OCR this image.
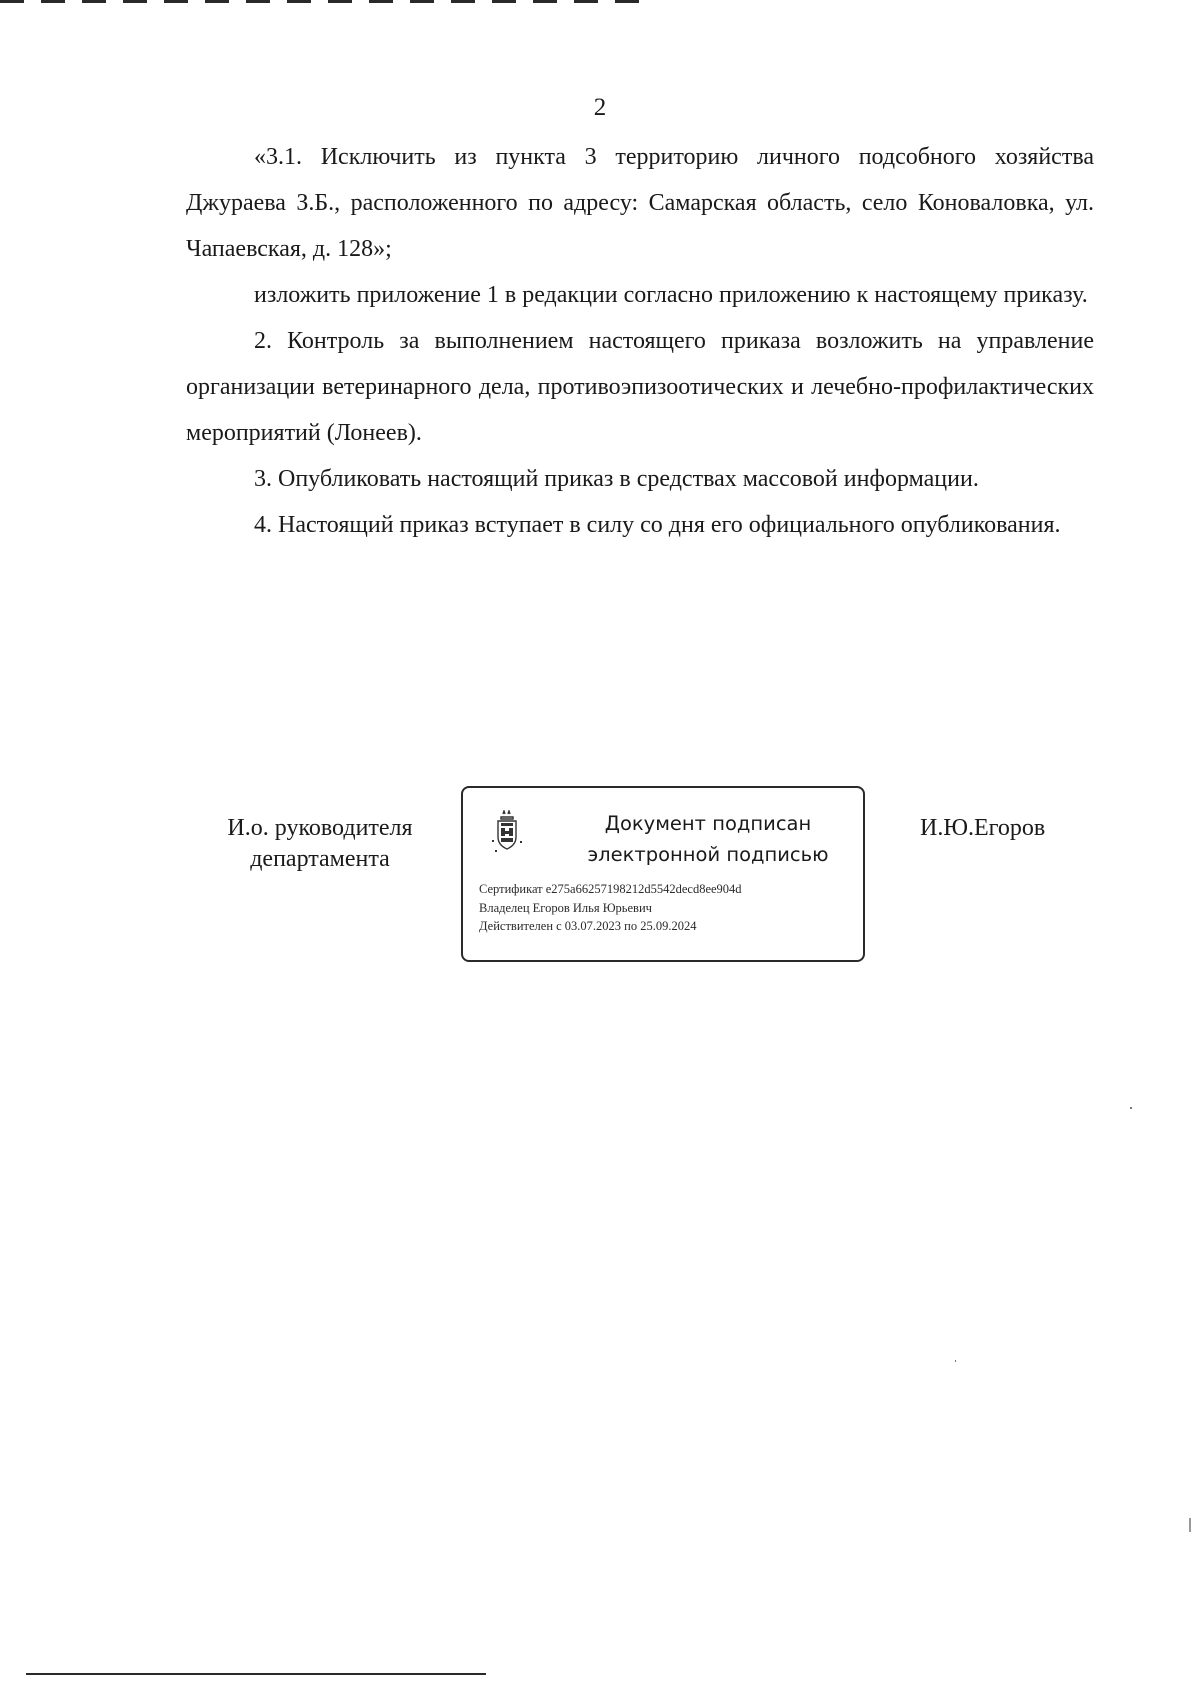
2

«3.1. Исключить из пункта 3 территорию личного подсобного хозяйства Джураева З.Б., расположенного по адресу: Самарская область, село Коноваловка, ул. Чапаевская, д. 128»;

изложить приложение 1 в редакции согласно приложению к настоящему приказу.

2. Контроль за выполнением настоящего приказа возложить на управление организации ветеринарного дела, противоэпизоотических и лечебно-профилактических мероприятий (Лонеев).

3. Опубликовать настоящий приказ в средствах массовой информации.

4. Настоящий приказ вступает в силу со дня его официального опубликования.

И.о. руководителя
департамента
Документ подписан
электронной подписью
Сертификат e275a66257198212d5542decd8ee904d
Владелец Егоров Илья Юрьевич
Действителен с 03.07.2023 по 25.09.2024
И.Ю.Егоров
